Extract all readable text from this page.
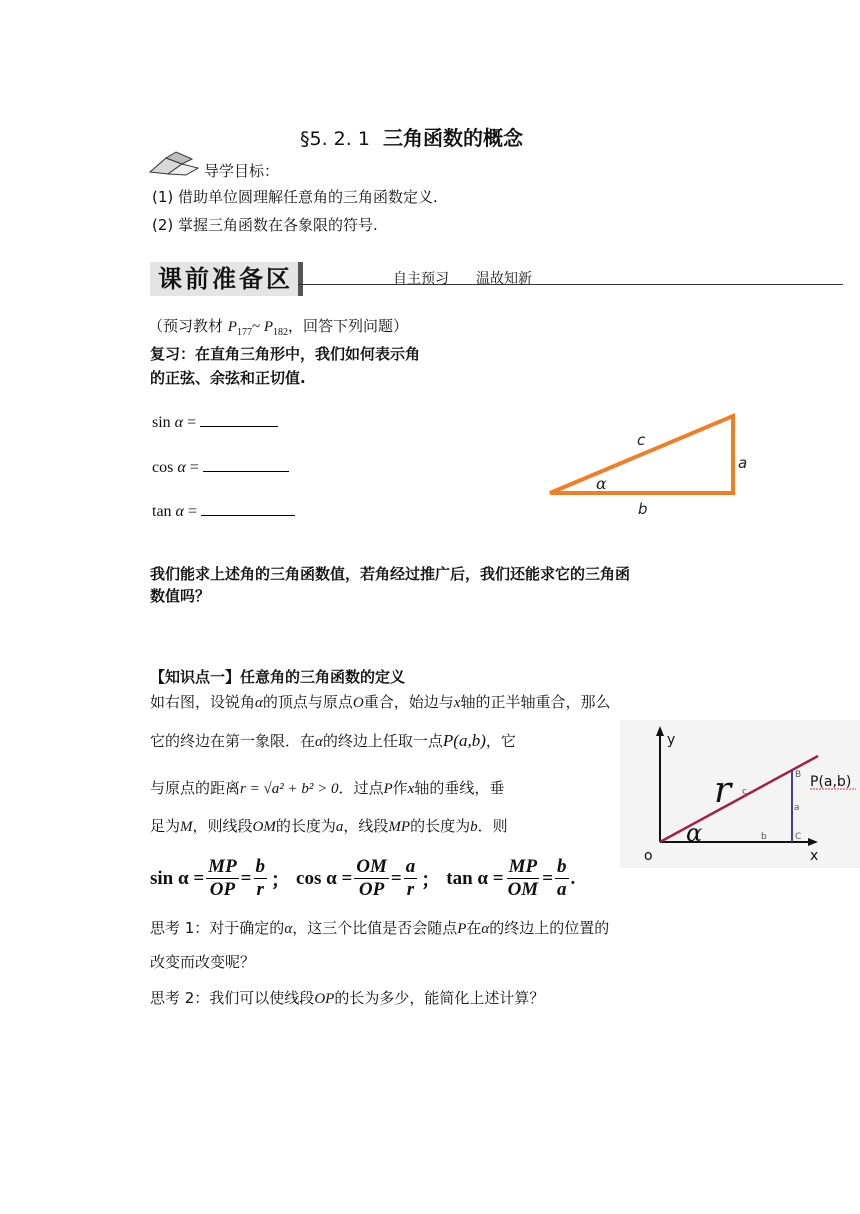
§5. 2. 1 三角函数的概念
导学目标：
(1) 借助单位圆理解任意角的三角函数定义.
(2) 掌握三角函数在各象限的符号.
课前准备区	自主预习 温故知新
（预习教材 $P_{177}\sim$ $P_{182}$，回答下列问题）
复习：在直角三角形中，我们如何表示角
的正弦、余弦和正切值.
sin α =
cos α =
tan α =
c
a
b
α
我们能求上述角的三角函数值，若角经过推广后，我们还能求它的三角函
数值吗？
【知识点一】任意角的三角函数的定义
如右图，设锐角α的顶点与原点O重合，始边与x轴的正半轴重合，那么
它的终边在第一象限．在α的终边上任取一点P(a,b)，它
与原点的距离r = √a² + b² > 0．过点P作x轴的垂线，垂
足为M，则线段OM的长度为a，线段MP的长度为b．则
$\sin \alpha = \frac{MP}{OP} = \frac{b}{r}$ ； $\cos \alpha = \frac{OM}{OP} = \frac{a}{r}$ ； $\tan \alpha = \frac{MP}{OM} = \frac{b}{a}$ .
y
x
o
r c
a
b
B
C
α
P(a,b)
思考 1：对于确定的α，这三个比值是否会随点P在α的终边上的位置的
改变而改变呢？
思考 2：我们可以使线段OP的长为多少，能简化上述计算？
